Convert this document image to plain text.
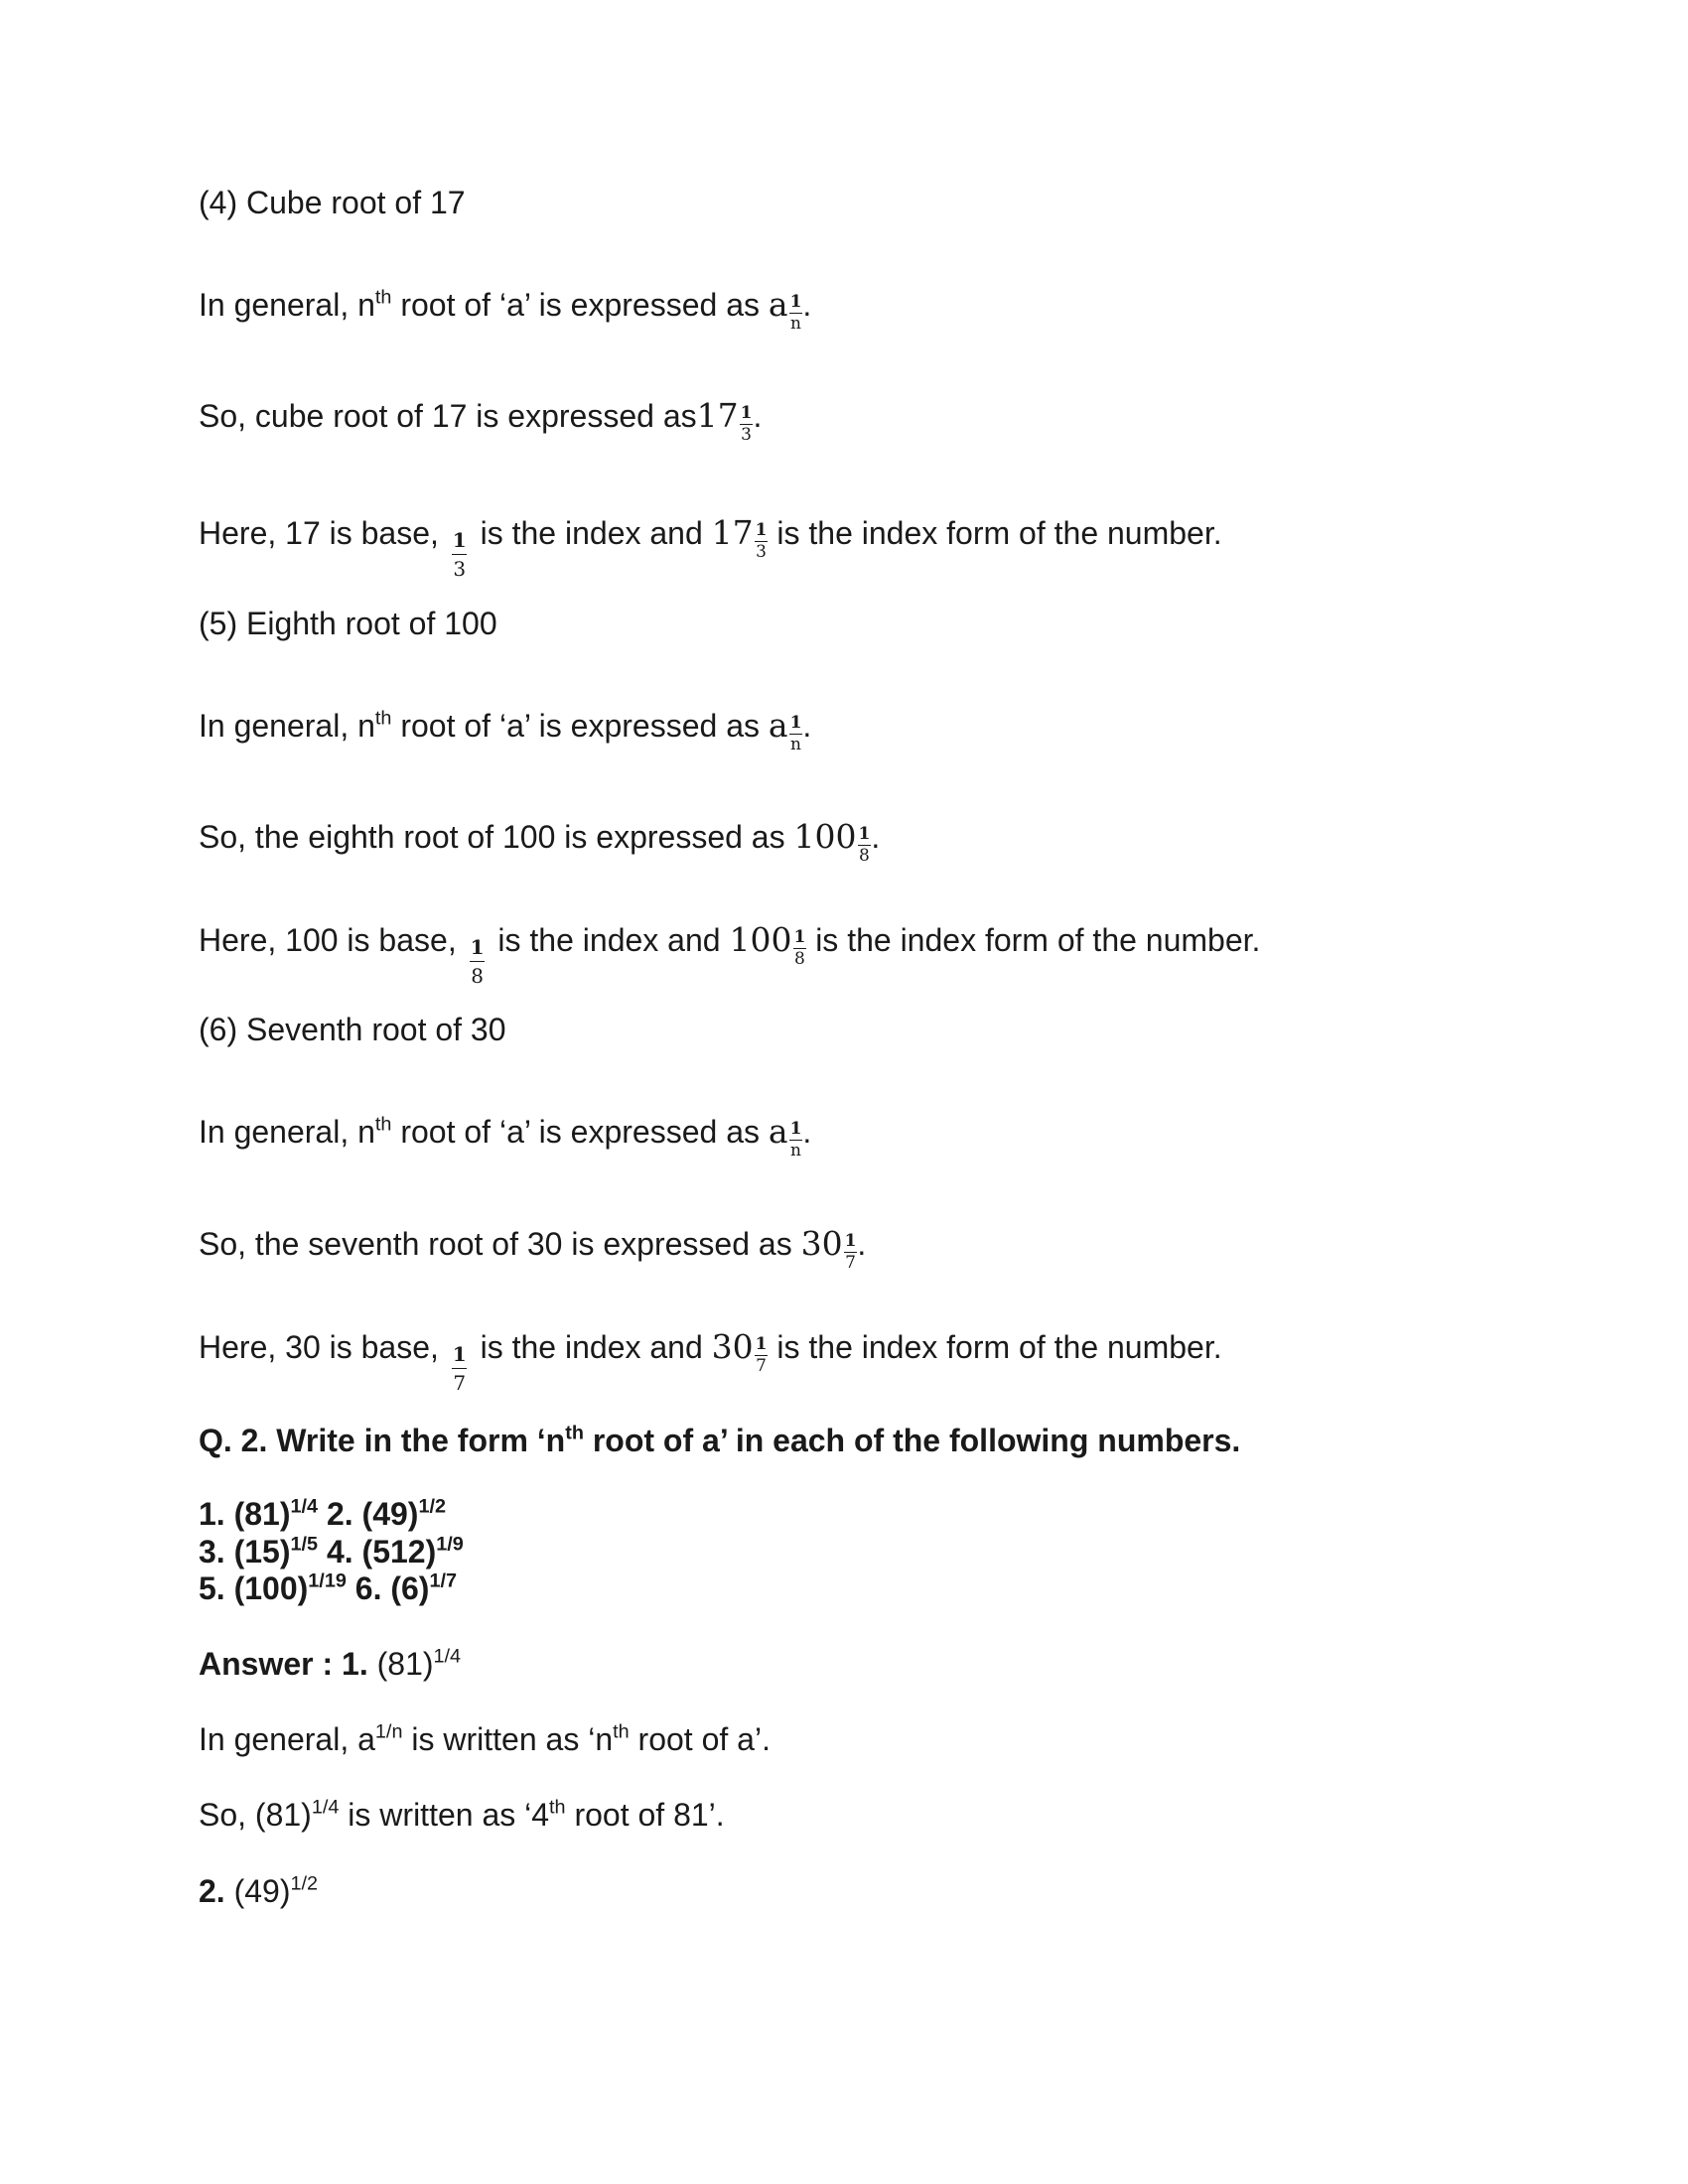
(4) Cube root of 17
In general, $n^{th}$ root of ‘a’ is expressed as a $\frac{1}{n}$ .
So, cube root of 17 is expressed $as17 \frac{1}{3}$ .
Here, 17 is base, $\frac{1}{3}$ is the index and $17 \frac{1}{3}$ is the index form of the number.
(5) Eighth root of 100
In general, $n^{th}$ root of ‘a’ is expressed as a $\frac{1}{n}$ .
So, the eighth root of 100 is expressed as $100 \frac{1}{8}$ .
Here, 100 is base, $\frac{1}{8}$ is the index and $100 \frac{1}{8}$ is the index form of the number.
(6) Seventh root of 30
In general, $n^{th}$ root of ‘a’ is expressed as a $\frac{1}{n}$ .
So, the seventh root of 30 is expressed as $30 \frac{1}{7}$ .
Here, 30 is base, $\frac{1}{7}$ is the index and $30 \frac{1}{7}$ is the index form of the number.
Q. 2. Write in the form ‘$n^{th}$ root of a’ in each of the following numbers.
1. $(81)^{1/4}$ 2. $(49)^{1/2}$
3. $(15)^{1/5}$ 4. $(512)^{1/9}$
5. $(100)^{1/19}$ 6. $(6)^{1/7}$
Answer : 1. $(81)^{1/4}$
In general, $a^{1/n}$ is written as ‘$n^{th}$ root of a’.
So, $(81)^{1/4}$ is written as ‘4th root of 81’.
2. $(49)^{1/2}$
